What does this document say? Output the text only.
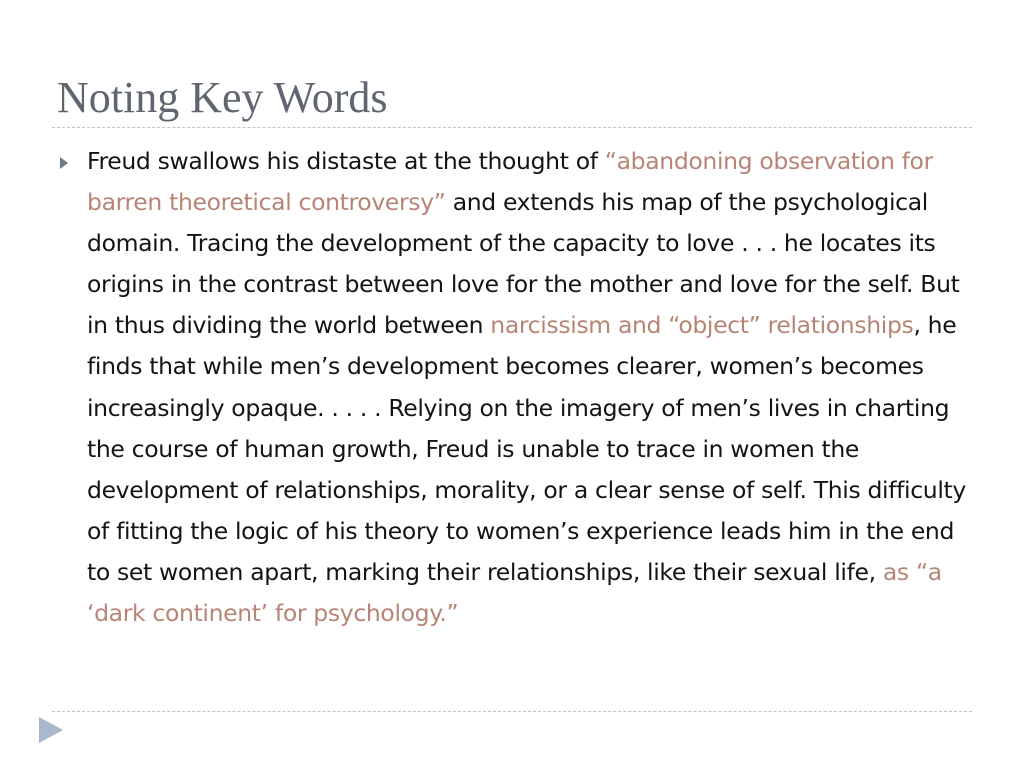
Noting Key Words

Freud swallows his distaste at the thought of “abandoning observation for barren theoretical controversy” and extends his map of the psychological domain. Tracing the development of the capacity to love . . . he locates its origins in the contrast between love for the mother and love for the self. But in thus dividing the world between narcissism and “object” relationships, he finds that while men’s development becomes clearer, women’s becomes increasingly opaque. . . . . Relying on the imagery of men’s lives in charting the course of human growth, Freud is unable to trace in women the development of relationships, morality, or a clear sense of self. This difficulty of fitting the logic of his theory to women’s experience leads him in the end to set women apart, marking their relationships, like their sexual life, as “a ‘dark continent’ for psychology.”
